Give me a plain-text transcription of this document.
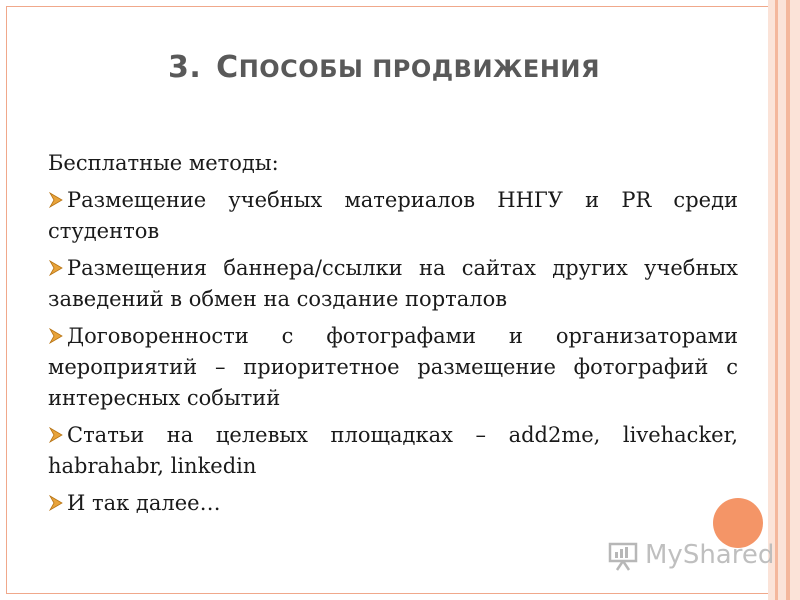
3. СПОСОБЫ ПРОДВИЖЕНИЯ
Бесплатные методы:
Размещение учебных материалов ННГУ и PR среди студентов
Размещения баннера/ссылки на сайтах других учебных заведений в обмен на создание порталов
Договоренности с фотографами и организаторами мероприятий – приоритетное размещение фотографий с интересных событий
Статьи на целевых площадках – add2me, livehacker, habrahabr, linkedin
И так далее…
MyShared
